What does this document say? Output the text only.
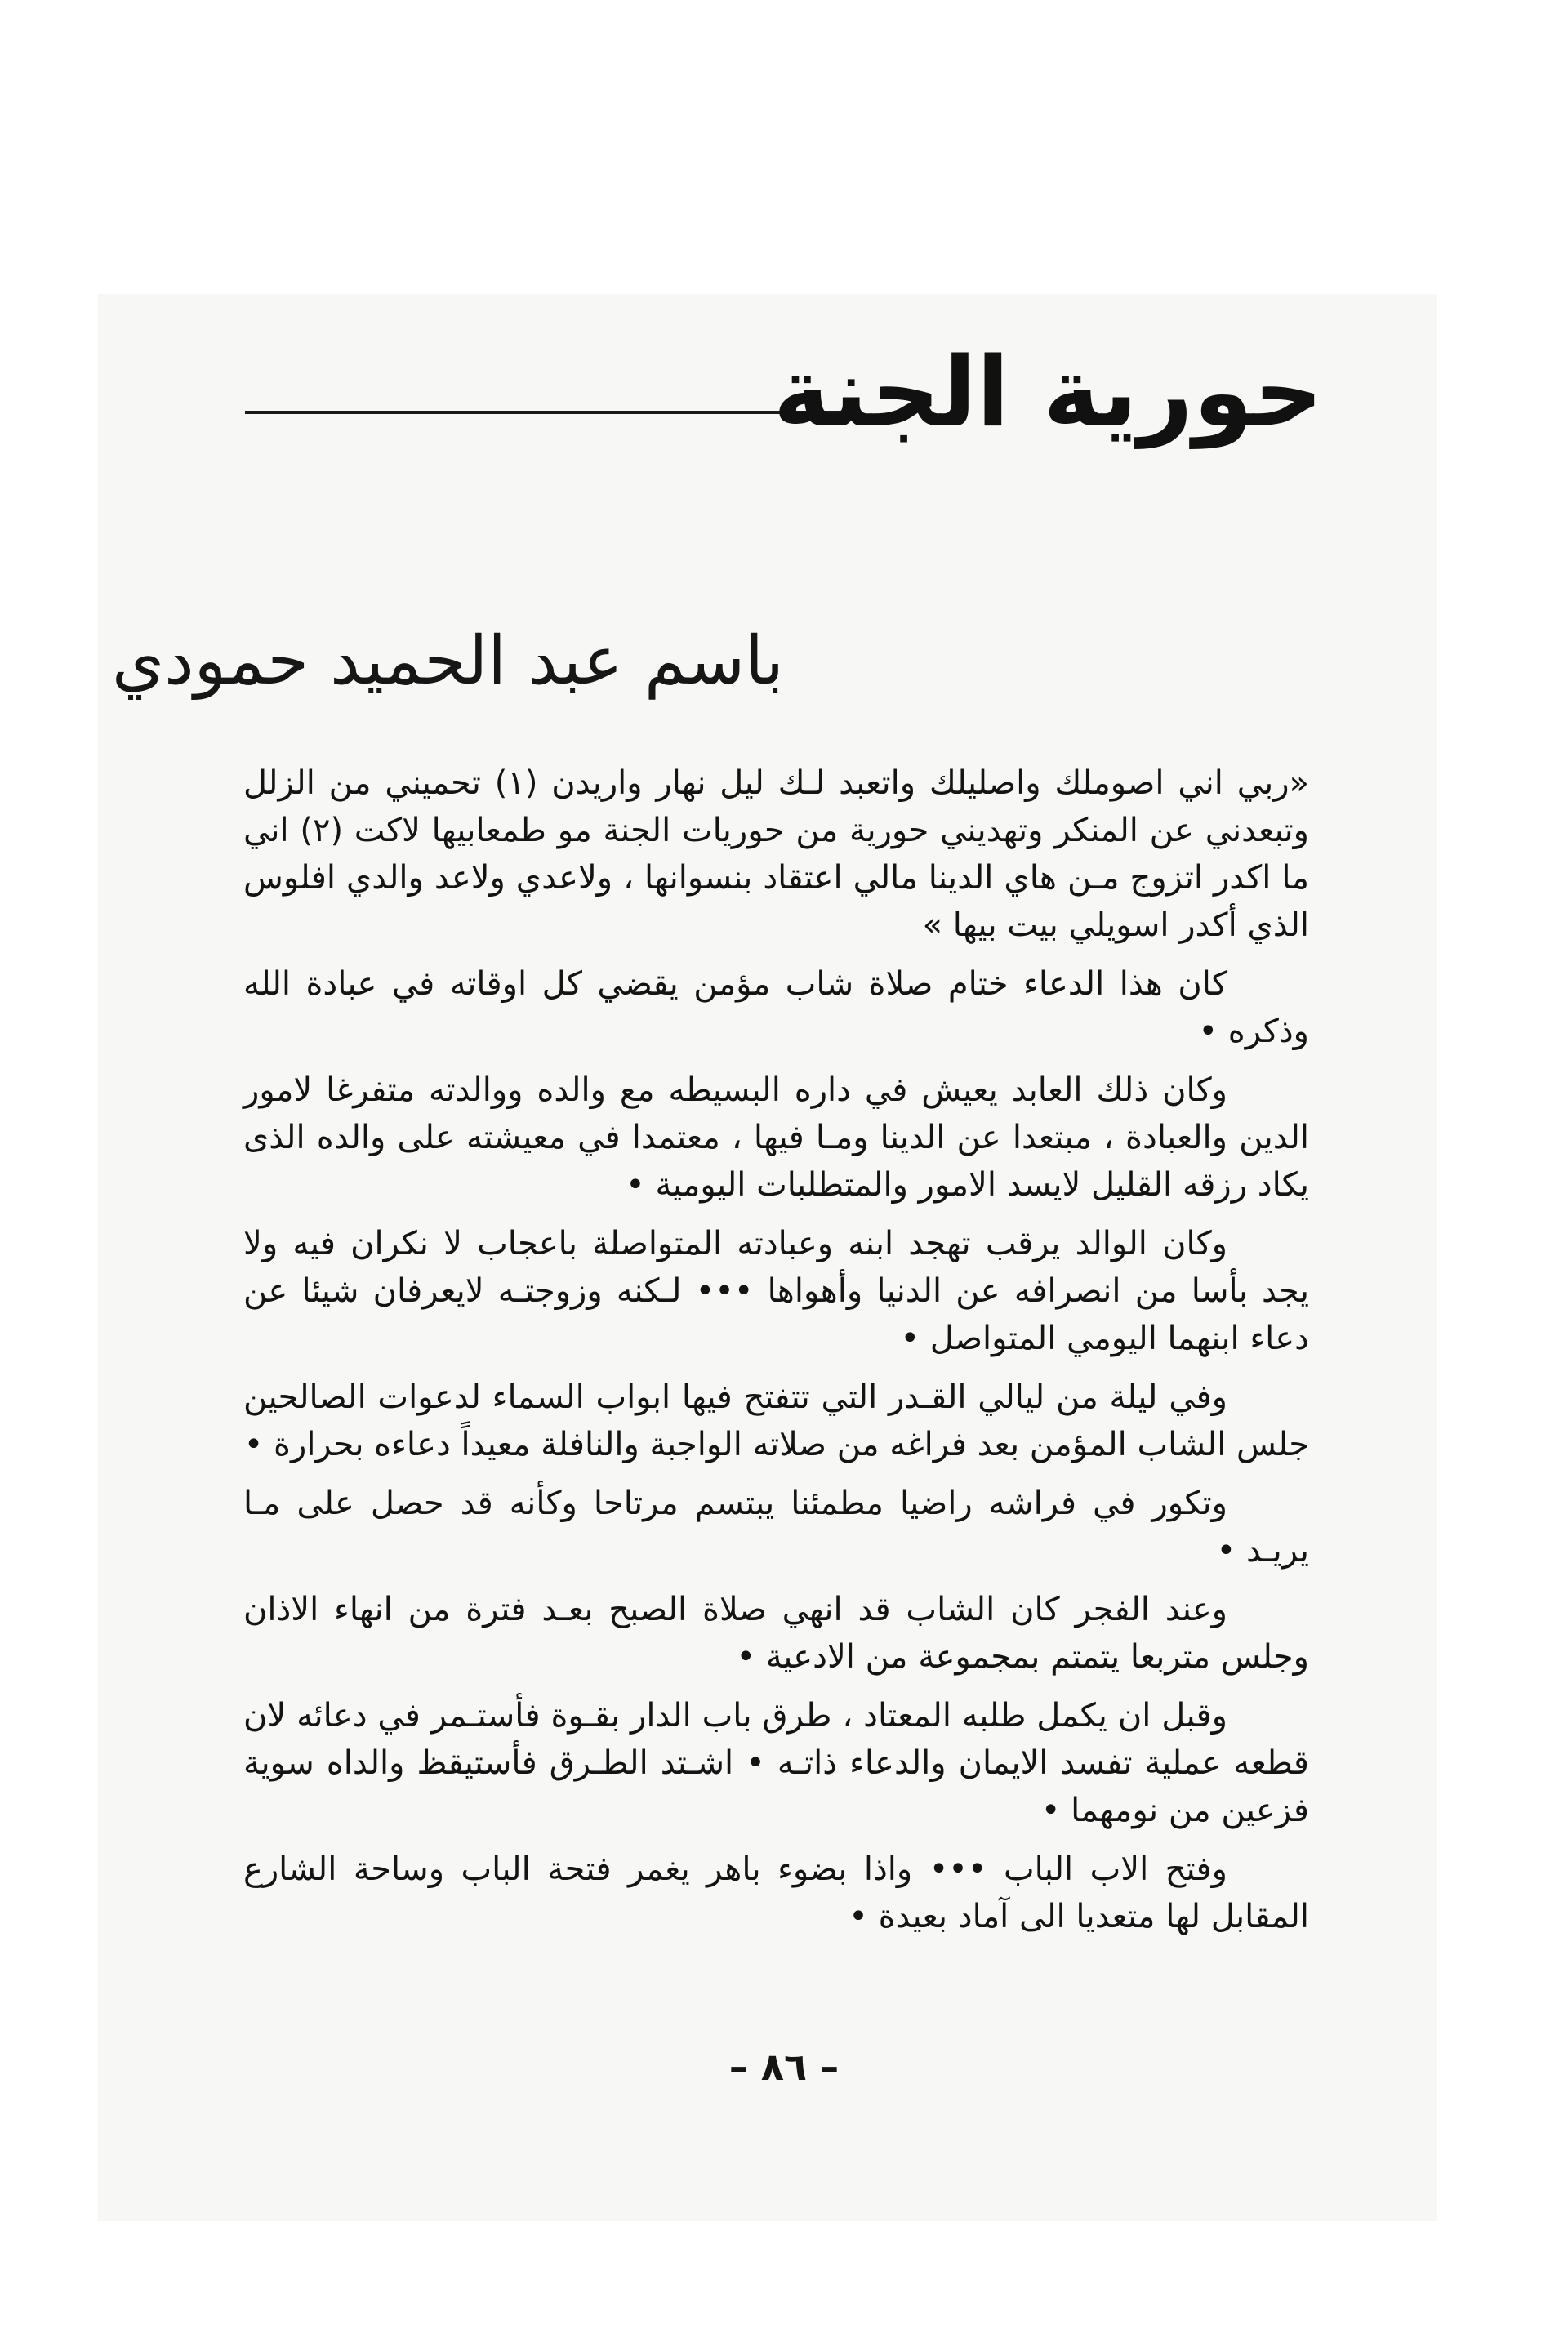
حورية الجنة
باسم عبد الحميد حمودي

«ربي اني اصوملك واصليلك واتعبد لـك ليل نهار واريدن (١) تحميني من الزلل وتبعدني عن المنكر وتهديني حورية من حوريات الجنة مو طمعابيها لاكت (٢) اني ما اكدر اتزوج مـن هاي الدينا مالي اعتقاد بنسوانها ، ولاعدي ولاعد والدي افلوس الذي أكدر اسويلي بيت بيها »

كان هذا الدعاء ختام صلاة شاب مؤمن يقضي كل اوقاته في عبادة الله وذكره •

وكان ذلك العابد يعيش في داره البسيطه مع والده ووالدته متفرغا لامور الدين والعبادة ، مبتعدا عن الدينا ومـا فيها ، معتمدا في معيشته على والده الذى يكاد رزقه القليل لايسد الامور والمتطلبات اليومية •

وكان الوالد يرقب تهجد ابنه وعبادته المتواصلة باعجاب لا نكران فيه ولا يجد بأسا من انصرافه عن الدنيا وأهواها ••• لـكنه وزوجتـه لايعرفان شيئا عن دعاء ابنهما اليومي المتواصل •

وفي ليلة من ليالي القـدر التي تتفتح فيها ابواب السماء لدعوات الصالحين جلس الشاب المؤمن بعد فراغه من صلاته الواجبة والنافلة معيداً دعاءه بحرارة •

وتكور في فراشه راضيا مطمئنا يبتسم مرتاحا وكأنه قد حصل على مـا يريـد •

وعند الفجر كان الشاب قد انهي صلاة الصبح بعـد فترة من انهاء الاذان وجلس متربعا يتمتم بمجموعة من الادعية •

وقبل ان يكمل طلبه المعتاد ، طرق باب الدار بقـوة فأستـمر في دعائه لان قطعه عملية تفسد الايمان والدعاء ذاتـه • اشـتد الطـرق فأستيقظ والداه سوية فزعين من نومهما •

وفتح الاب الباب ••• واذا بضوء باهر يغمر فتحة الباب وساحة الشارع المقابل لها متعديا الى آماد بعيدة •

– ٨٦ –
